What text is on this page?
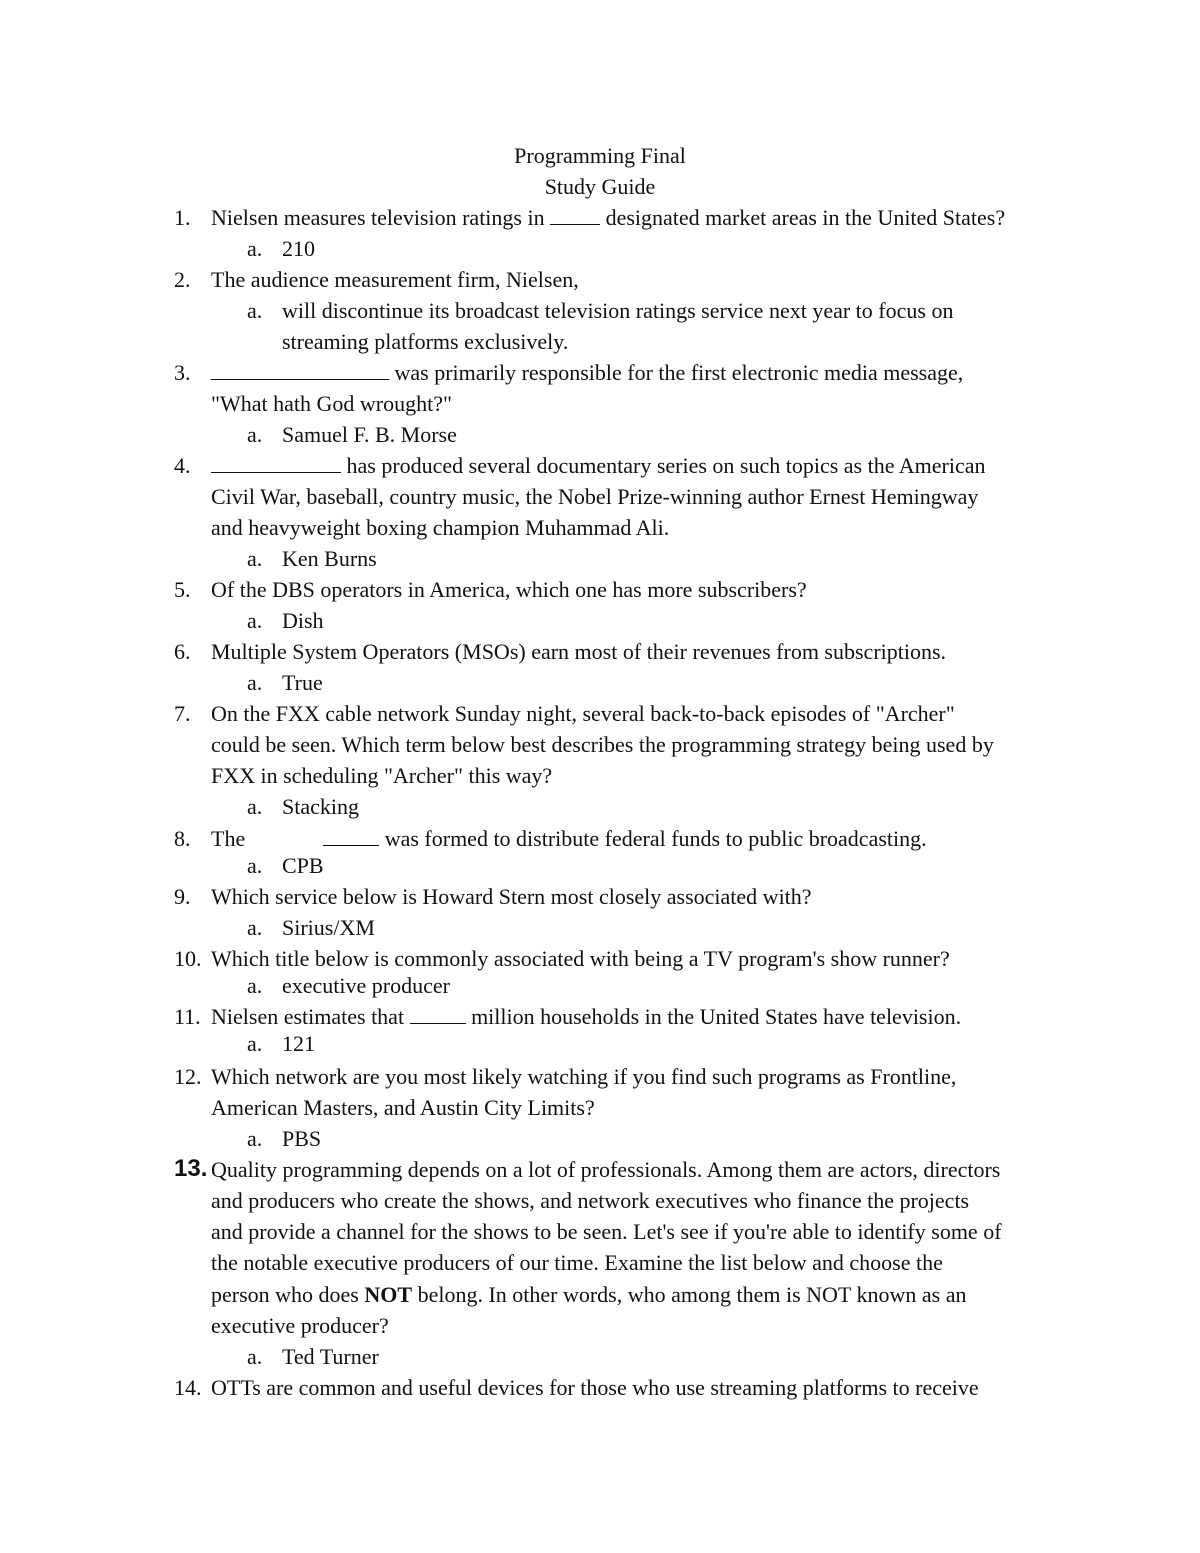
Programming Final
Study Guide
1. Nielsen measures television ratings in	designated market areas in the United States?
a. 210
2. The audience measurement firm, Nielsen,
a. will discontinue its broadcast television ratings service next year to focus on
streaming platforms exclusively.
3.	was primarily responsible for the first electronic media message,
"What hath God wrought?"
a. Samuel F. B. Morse
4.	has produced several documentary series on such topics as the American
Civil War, baseball, country music, the Nobel Prize-winning author Ernest Hemingway
and heavyweight boxing champion Muhammad Ali.
a. Ken Burns
5. Of the DBS operators in America, which one has more subscribers?
a. Dish
6. Multiple System Operators (MSOs) earn most of their revenues from subscriptions.
a. True
7. On the FXX cable network Sunday night, several back-to-back episodes of "Archer"
could be seen. Which term below best describes the programming strategy being used by
FXX in scheduling "Archer" this way?
a. Stacking
8. The	was formed to distribute federal funds to public broadcasting.
a. CPB
9. Which service below is Howard Stern most closely associated with?
a. Sirius/XM
10. Which title below is commonly associated with being a TV program's show runner?
a. executive producer
11. Nielsen estimates that	million households in the United States have television.
a. 121
12. Which network are you most likely watching if you find such programs as Frontline,
American Masters, and Austin City Limits?
a. PBS
13. Quality programming depends on a lot of professionals. Among them are actors, directors
and producers who create the shows, and network executives who finance the projects
and provide a channel for the shows to be seen. Let's see if you're able to identify some of
the notable executive producers of our time. Examine the list below and choose the
person who does NOT belong. In other words, who among them is NOT known as an
executive producer?
a. Ted Turner
14. OTTs are common and useful devices for those who use streaming platforms to receive
